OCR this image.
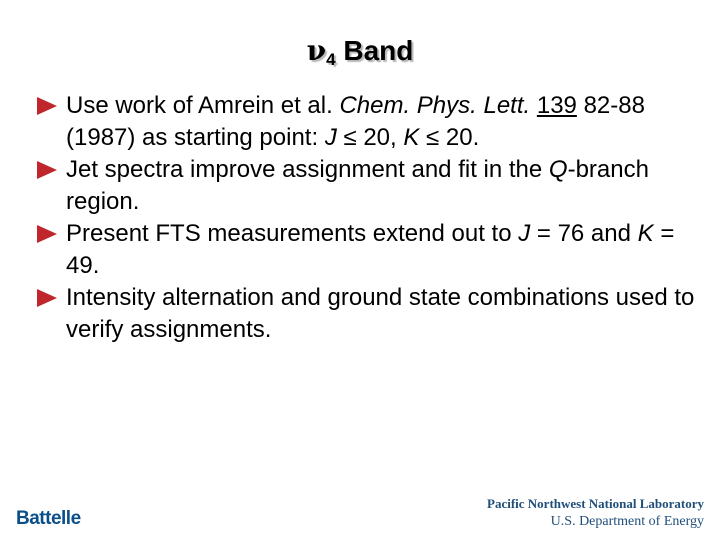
$\nu_4$ Band
Use work of Amrein et al. Chem. Phys. Lett. 139 82-88 (1987) as starting point: J ≤ 20, K ≤ 20.
Jet spectra improve assignment and fit in the Q-branch region.
Present FTS measurements extend out to J = 76 and K = 49.
Intensity alternation and ground state combinations used to verify assignments.
Battelle
Pacific Northwest National Laboratory
U.S. Department of Energy
